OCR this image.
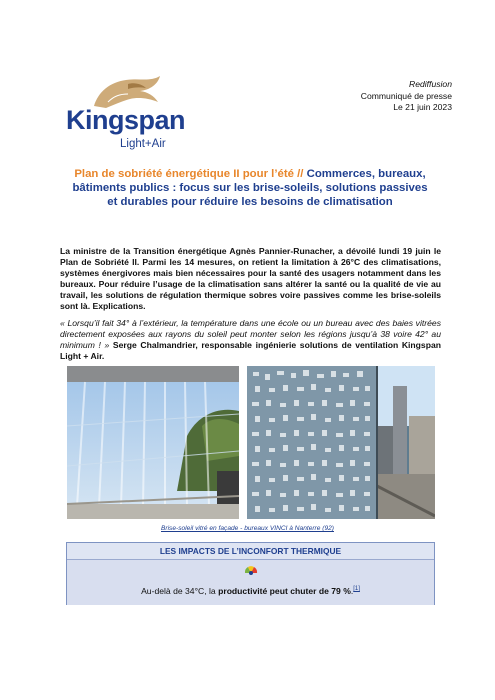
Kingspan
Light+Air
Rediffusion
Communiqué de presse
Le 21 juin 2023
Plan de sobriété énergétique II pour l’été // Commerces, bureaux, bâtiments publics : focus sur les brise-soleils, solutions passives et durables pour réduire les besoins de climatisation
La ministre de la Transition énergétique Agnès Pannier-Runacher, a dévoilé lundi 19 juin le Plan de Sobriété II. Parmi les 14 mesures, on retient la limitation à 26°C des climatisations, systèmes énergivores mais bien nécessaires pour la santé des usagers notamment dans les bureaux. Pour réduire l’usage de la climatisation sans altérer la santé ou la qualité de vie au travail, les solutions de régulation thermique sobres voire passives comme les brise-soleils sont là. Explications.
« Lorsqu’il fait 34° à l’extérieur, la température dans une école ou un bureau avec des baies vitrées directement exposées aux rayons du soleil peut monter selon les régions jusqu’à 38 voire 42° au minimum ! » Serge Chalmandrier, responsable ingénierie solutions de ventilation Kingspan Light + Air.
Brise-soleil vitré en façade - bureaux VINCI à Nanterre (92)
LES IMPACTS DE L’INCONFORT THERMIQUE
Au-delà de 34°C, la productivité peut chuter de 79 %.[1]
